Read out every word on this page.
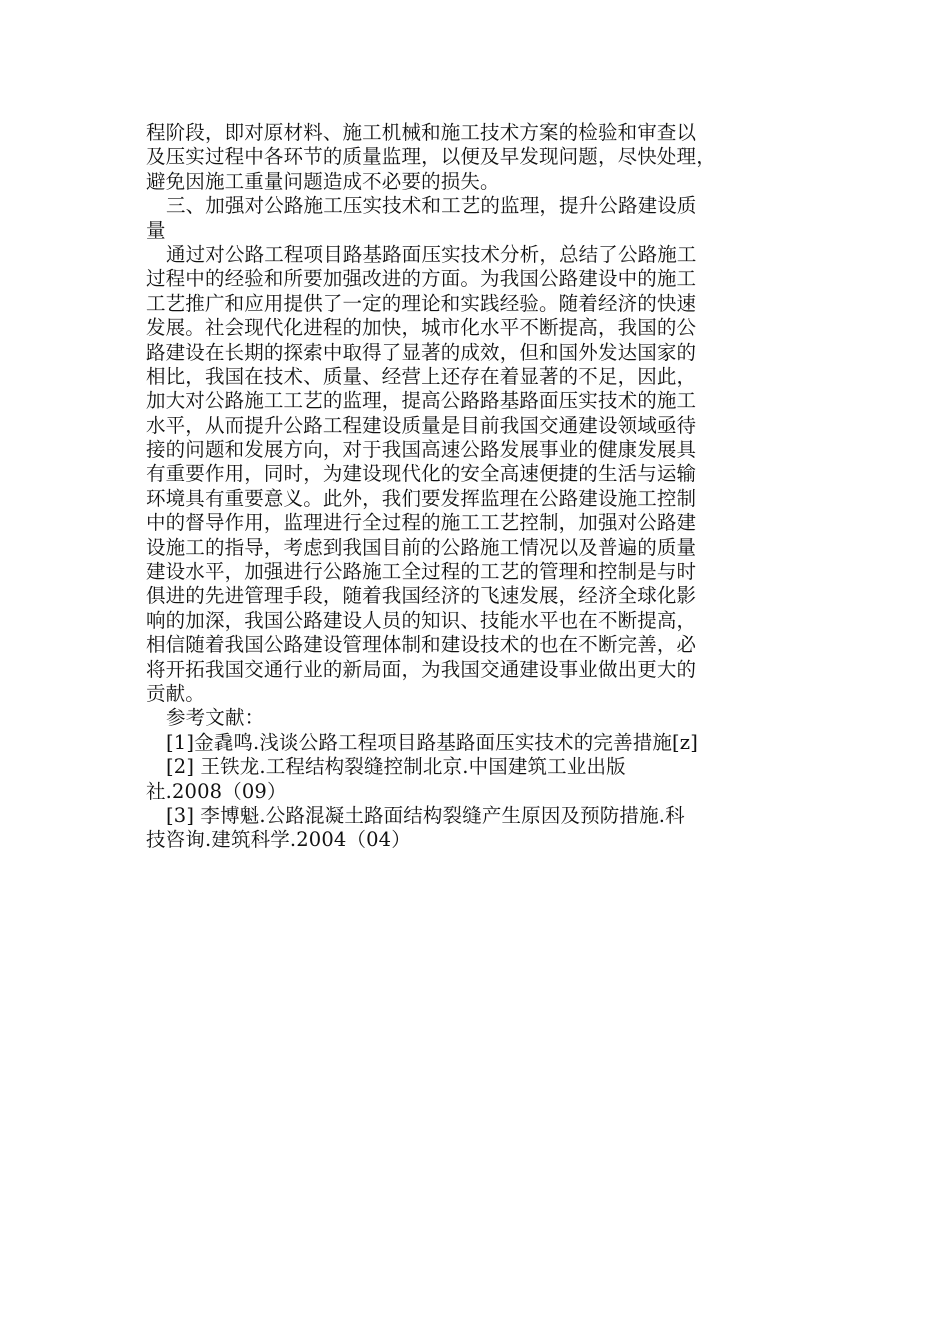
程阶段，即对原材料、施工机械和施工技术方案的检验和审查以
及压实过程中各环节的质量监理，以便及早发现问题，尽快处理，
避免因施工重量问题造成不必要的损失。
三、加强对公路施工压实技术和工艺的监理，提升公路建设质
量
通过对公路工程项目路基路面压实技术分析，总结了公路施工
过程中的经验和所要加强改进的方面。为我国公路建设中的施工
工艺推广和应用提供了一定的理论和实践经验。随着经济的快速
发展。社会现代化进程的加快，城市化水平不断提高，我国的公
路建设在长期的探索中取得了显著的成效，但和国外发达国家的
相比，我国在技术、质量、经营上还存在着显著的不足，因此，
加大对公路施工工艺的监理，提高公路路基路面压实技术的施工
水平，从而提升公路工程建设质量是目前我国交通建设领域亟待
接的问题和发展方向，对于我国高速公路发展事业的健康发展具
有重要作用，同时，为建设现代化的安全高速便捷的生活与运输
环境具有重要意义。此外，我们要发挥监理在公路建设施工控制
中的督导作用，监理进行全过程的施工工艺控制，加强对公路建
设施工的指导，考虑到我国目前的公路施工情况以及普遍的质量
建设水平，加强进行公路施工全过程的工艺的管理和控制是与时
俱进的先进管理手段，随着我国经济的飞速发展，经济全球化影
响的加深，我国公路建设人员的知识、技能水平也在不断提高，
相信随着我国公路建设管理体制和建设技术的也在不断完善，必
将开拓我国交通行业的新局面，为我国交通建设事业做出更大的
贡献。
参考文献：
[1]金毳鸣.浅谈公路工程项目路基路面压实技术的完善措施[z]
[2] 王铁龙.工程结构裂缝控制北京.中国建筑工业出版
社.2008（09）
[3] 李博魁.公路混凝土路面结构裂缝产生原因及预防措施.科
技咨询.建筑科学.2004（04）
